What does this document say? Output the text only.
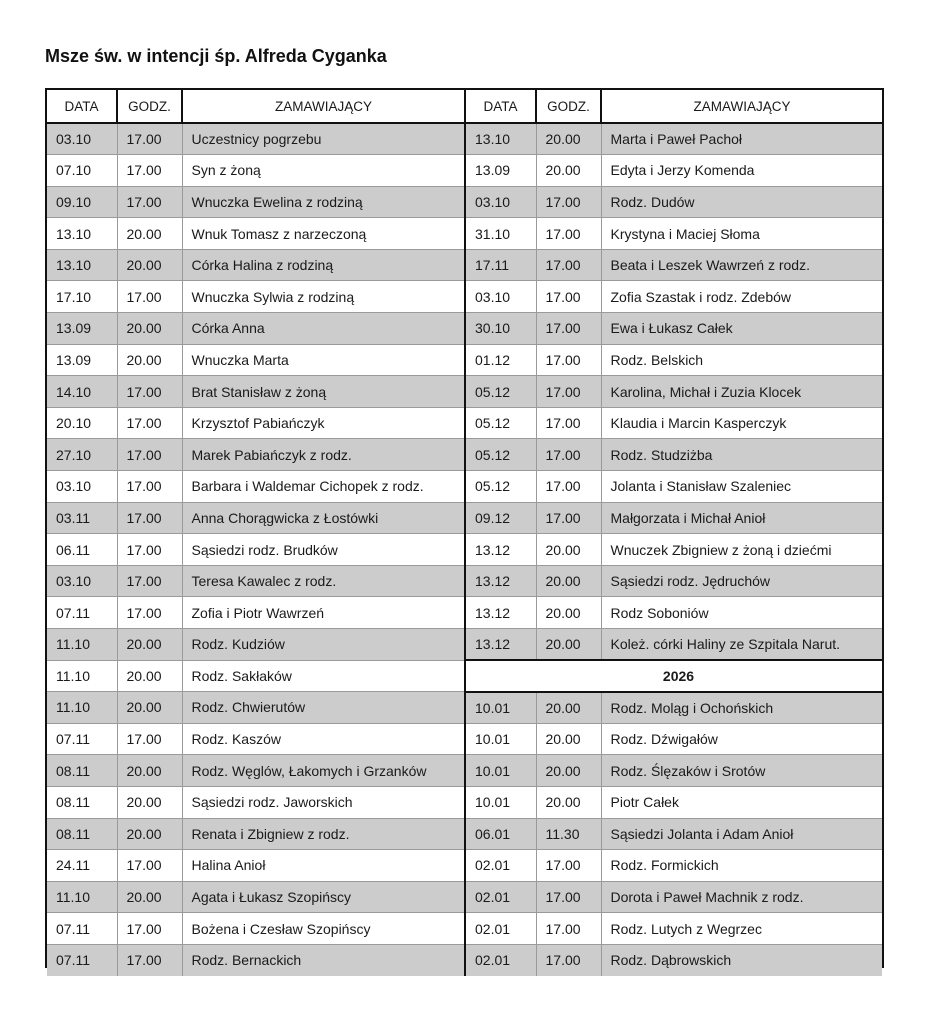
Msze św. w intencji śp. Alfreda Cyganka
DATA	GODZ.	ZAMAWIAJĄCY
03.10	17.00	Uczestnicy pogrzebu
07.10	17.00	Syn z żoną
09.10	17.00	Wnuczka Ewelina z rodziną
13.10	20.00	Wnuk Tomasz z narzeczoną
13.10	20.00	Córka Halina z rodziną
17.10	17.00	Wnuczka Sylwia z rodziną
13.09	20.00	Córka Anna
13.09	20.00	Wnuczka Marta
14.10	17.00	Brat Stanisław z żoną
20.10	17.00	Krzysztof Pabiańczyk
27.10	17.00	Marek Pabiańczyk z rodz.
03.10	17.00	Barbara i Waldemar Cichopek z rodz.
03.11	17.00	Anna Chorągwicka z Łostówki
06.11	17.00	Sąsiedzi rodz. Brudków
03.10	17.00	Teresa Kawalec z rodz.
07.11	17.00	Zofia i Piotr Wawrzeń
11.10	20.00	Rodz. Kudziów
11.10	20.00	Rodz. Sakłaków
11.10	20.00	Rodz. Chwierutów
07.11	17.00	Rodz. Kaszów
08.11	20.00	Rodz. Węglów, Łakomych i Grzanków
08.11	20.00	Sąsiedzi rodz. Jaworskich
08.11	20.00	Renata i Zbigniew z rodz.
24.11	17.00	Halina Anioł
11.10	20.00	Agata i Łukasz Szopińscy
07.11	17.00	Bożena i Czesław Szopińscy
07.11	17.00	Rodz. Bernackich
DATA	GODZ.	ZAMAWIAJĄCY
13.10	20.00	Marta i Paweł Pachoł
13.09	20.00	Edyta i Jerzy Komenda
03.10	17.00	Rodz. Dudów
31.10	17.00	Krystyna i Maciej Słoma
17.11	17.00	Beata i Leszek Wawrzeń z rodz.
03.10	17.00	Zofia Szastak i rodz. Zdebów
30.10	17.00	Ewa i Łukasz Całek
01.12	17.00	Rodz. Belskich
05.12	17.00	Karolina, Michał i Zuzia Klocek
05.12	17.00	Klaudia i Marcin Kasperczyk
05.12	17.00	Rodz. Studziżba
05.12	17.00	Jolanta i Stanisław Szaleniec
09.12	17.00	Małgorzata i Michał Anioł
13.12	20.00	Wnuczek Zbigniew z żoną i dziećmi
13.12	20.00	Sąsiedzi rodz. Jędruchów
13.12	20.00	Rodz Soboniów
13.12	20.00	Koleż. córki Haliny ze Szpitala Narut.
2026		
10.01	20.00	Rodz. Moląg i Ochońskich
10.01	20.00	Rodz. Dźwigałów
10.01	20.00	Rodz. Ślęzaków i Srotów
10.01	20.00	Piotr Całek
06.01	11.30	Sąsiedzi Jolanta i Adam Anioł
02.01	17.00	Rodz. Formickich
02.01	17.00	Dorota i Paweł Machnik z rodz.
02.01	17.00	Rodz. Lutych z Wegrzec
02.01	17.00	Rodz. Dąbrowskich
